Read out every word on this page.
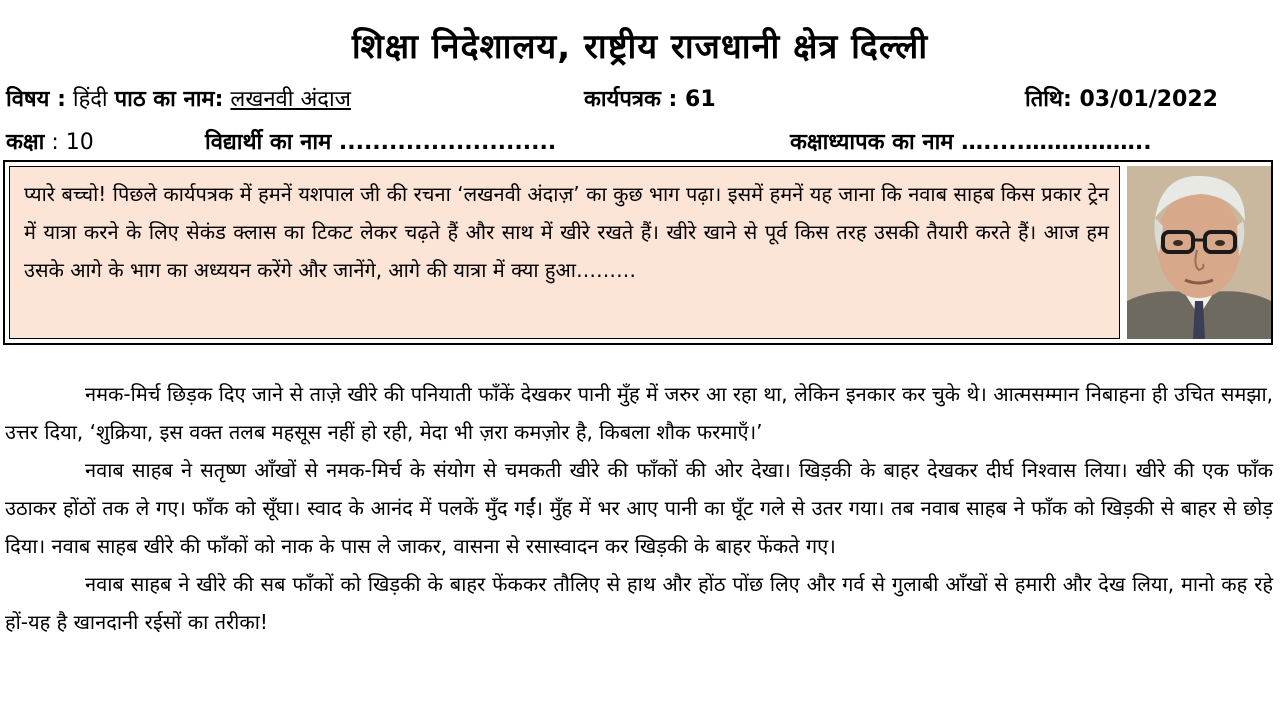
शिक्षा निदेशालय, राष्ट्रीय राजधानी क्षेत्र दिल्ली
विषय : हिंदी पाठ का नाम: लखनवी अंदाज	कार्यपत्रक : 61	तिथि: 03/01/2022
कक्षा : 10	विद्यार्थी का नाम ..........................	कक्षाध्यापक का नाम ….....……………..
प्यारे बच्चो! पिछले कार्यपत्रक में हमनें यशपाल जी की रचना ‘लखनवी अंदाज़’ का कुछ भाग पढ़ा। इसमें हमनें यह जाना कि नवाब साहब किस प्रकार ट्रेन में यात्रा करने के लिए सेकंड क्लास का टिकट लेकर चढ़ते हैं और साथ में खीरे रखते हैं। खीरे खाने से पूर्व किस तरह उसकी तैयारी करते हैं। आज हम उसके आगे के भाग का अध्ययन करेंगे और जानेंगे, आगे की यात्रा में क्या हुआ………

नमक-मिर्च छिड़क दिए जाने से ताज़े खीरे की पनियाती फाँकें देखकर पानी मुँह में जरुर आ रहा था, लेकिन इनकार कर चुके थे। आत्मसम्मान निबाहना ही उचित समझा, उत्तर दिया, ‘शुक्रिया, इस वक्त तलब महसूस नहीं हो रही, मेदा भी ज़रा कमज़ोर है, किबला शौक फरमाएँ।’

नवाब साहब ने सतृष्ण आँखों से नमक-मिर्च के संयोग से चमकती खीरे की फाँकों की ओर देखा। खिड़की के बाहर देखकर दीर्घ निश्वास लिया। खीरे की एक फाँक उठाकर होंठों तक ले गए। फाँक को सूँघा। स्वाद के आनंद में पलकें मुँद गईं। मुँह में भर आए पानी का घूँट गले से उतर गया। तब नवाब साहब ने फाँक को खिड़की से बाहर से छोड़ दिया। नवाब साहब खीरे की फाँकों को नाक के पास ले जाकर, वासना से रसास्वादन कर खिड़की के बाहर फेंकते गए।

नवाब साहब ने खीरे की सब फाँकों को खिड़की के बाहर फेंककर तौलिए से हाथ और होंठ पोंछ लिए और गर्व से गुलाबी आँखों से हमारी और देख लिया, मानो कह रहे हों-यह है खानदानी रईसों का तरीका!
